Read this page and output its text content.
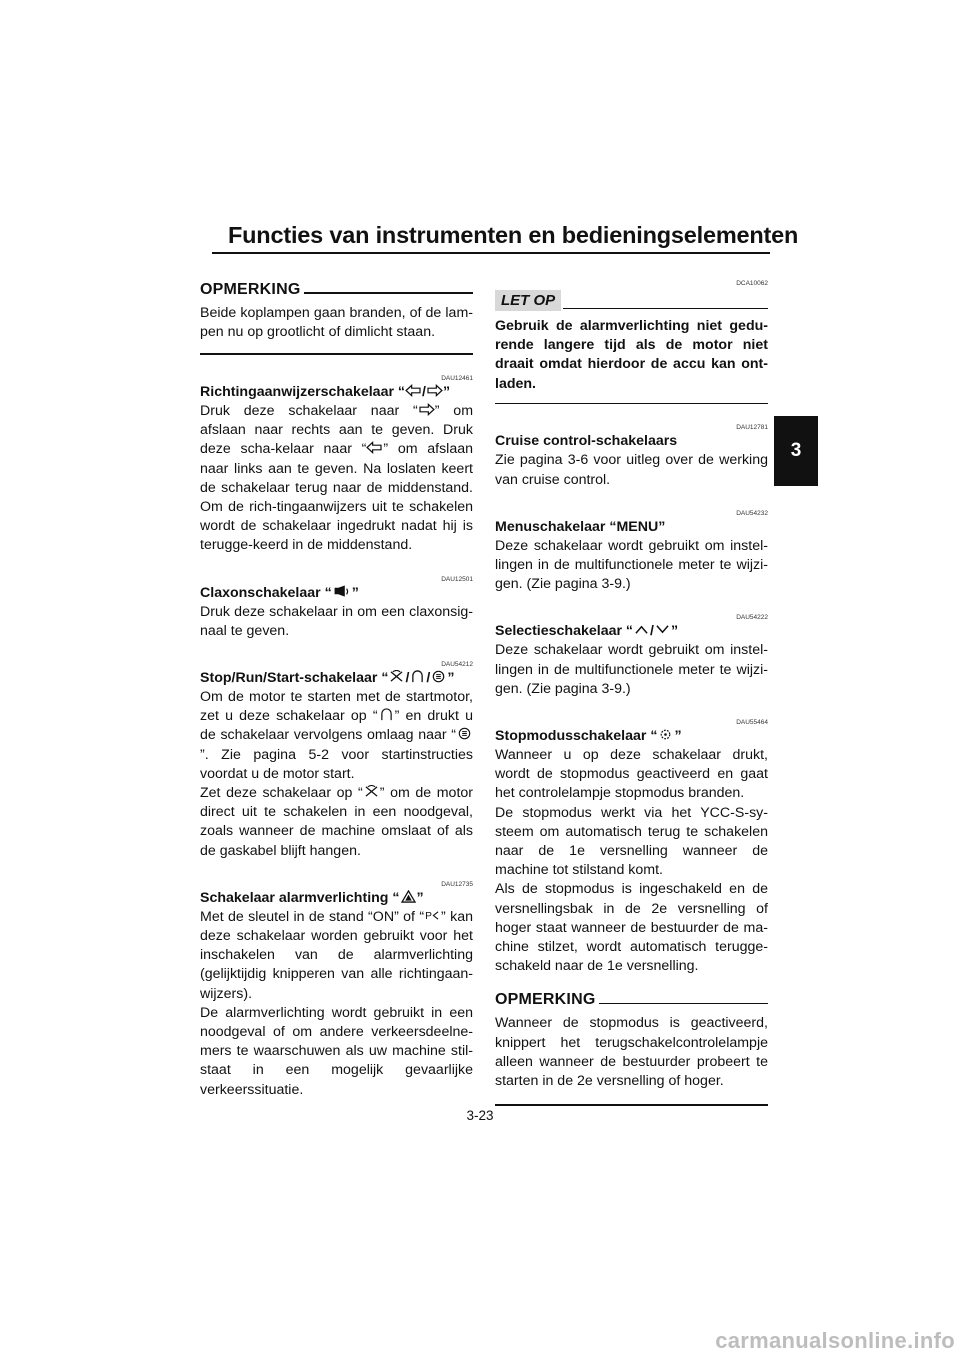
Functies van instrumenten en bedieningselementen
3
OPMERKING

Beide koplampen gaan branden, of de lam-pen nu op grootlicht of dimlicht staan.

DAU12461

Richtingaanwijzerschakelaar “ / ”

Druk deze schakelaar naar “ ” om afslaan naar rechts aan te geven. Druk deze scha-kelaar naar “ ” om afslaan naar links aan te geven. Na loslaten keert de schakelaar terug naar de middenstand. Om de rich-tingaanwijzers uit te schakelen wordt de schakelaar ingedrukt nadat hij is terugge-keerd in de middenstand.

DAU12501

Claxonschakelaar “ ”

Druk deze schakelaar in om een claxonsig-naal te geven.

DAU54212

Stop/Run/Start-schakelaar “ / / ”

Om de motor te starten met de startmotor, zet u deze schakelaar op “ ” en drukt u de schakelaar vervolgens omlaag naar “
”. Zie pagina 5-2 voor startinstructies voordat u de motor start.

Zet deze schakelaar op “ ” om de motor direct uit te schakelen in een noodgeval, zoals wanneer de machine omslaat of als de gaskabel blijft hangen.

DAU12735

Schakelaar alarmverlichting “ ”

Met de sleutel in de stand “ON” of “ P ” kan deze schakelaar worden gebruikt voor het inschakelen van de alarmverlichting (gelijktijdig knipperen van alle richtingaan-wijzers).

De alarmverlichting wordt gebruikt in een noodgeval of om andere verkeersdeelne-mers te waarschuwen als uw machine stil-staat in een mogelijk gevaarlijke verkeerssituatie.

DCA10062

LET OP

Gebruik de alarmverlichting niet gedu-rende langere tijd als de motor niet draait omdat hierdoor de accu kan ont-laden.

DAU12781

Cruise control-schakelaars

Zie pagina 3-6 voor uitleg over de werking van cruise control.

DAU54232

Menuschakelaar “MENU”

Deze schakelaar wordt gebruikt om instel-lingen in de multifunctionele meter te wijzi-gen. (Zie pagina 3-9.)

DAU54222

Selectieschakelaar “ / ”

Deze schakelaar wordt gebruikt om instel-lingen in de multifunctionele meter te wijzi-gen. (Zie pagina 3-9.)

DAU55464

Stopmodusschakelaar “ ”

Wanneer u op deze schakelaar drukt, wordt de stopmodus geactiveerd en gaat het controlelampje stopmodus branden.

De stopmodus werkt via het YCC-S-sy-steem om automatisch terug te schakelen naar de 1e versnelling wanneer de machine tot stilstand komt.

Als de stopmodus is ingeschakeld en de versnellingsbak in de 2e versnelling of hoger staat wanneer de bestuurder de ma-chine stilzet, wordt automatisch terugge-schakeld naar de 1e versnelling.

OPMERKING

Wanneer de stopmodus is geactiveerd, knippert het terugschakelcontrolelampje alleen wanneer de bestuurder probeert te starten in de 2e versnelling of hoger.

3-23
carmanualsonline.info
